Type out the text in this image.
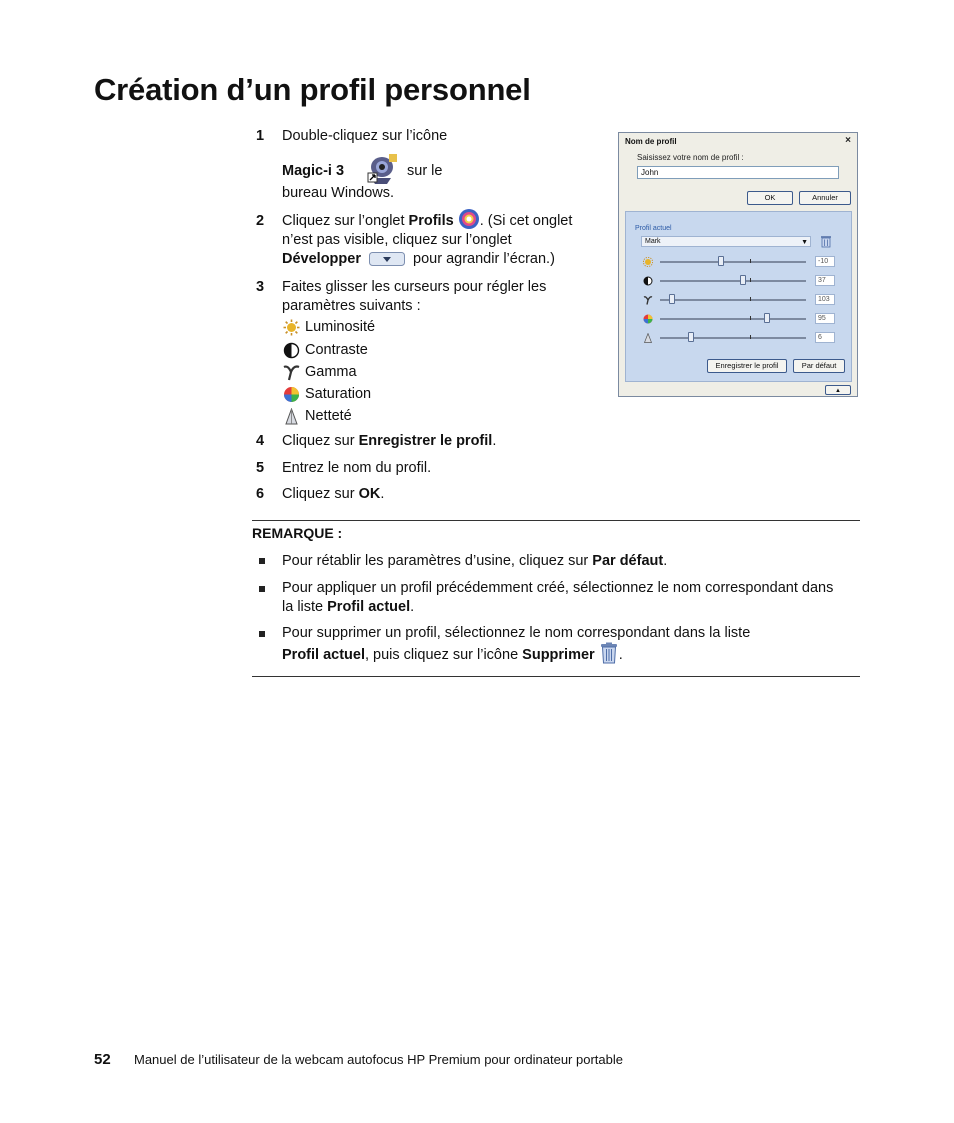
Création d’un profil personnel
1 Double-cliquez sur l’icône
Magic-i 3	sur le
bureau Windows.
2 Cliquez sur l’onglet Profils . (Si cet onglet
n’est pas visible, cliquez sur l’onglet
Développer	pour agrandir l’écran.)
3 Faites glisser les curseurs pour régler les
paramètres suivants :
Luminosité
Contraste
Gamma
Saturation
Netteté
4 Cliquez sur Enregistrer le profil.
5 Entrez le nom du profil.
6 Cliquez sur OK.
Nom de profil	×
Saisissez votre nom de profil :
John
OK	Annuler
Profil actuel
Mark	▼
-10
37
103
95
6
Enregistrer le profil	Par défaut
▲
REMARQUE :
Pour rétablir les paramètres d’usine, cliquez sur Par défaut.
Pour appliquer un profil précédemment créé, sélectionnez le nom correspondant dans
la liste Profil actuel.
Pour supprimer un profil, sélectionnez le nom correspondant dans la liste
Profil actuel, puis cliquez sur l’icône Supprimer .
52 Manuel de l’utilisateur de la webcam autofocus HP Premium pour ordinateur portable
